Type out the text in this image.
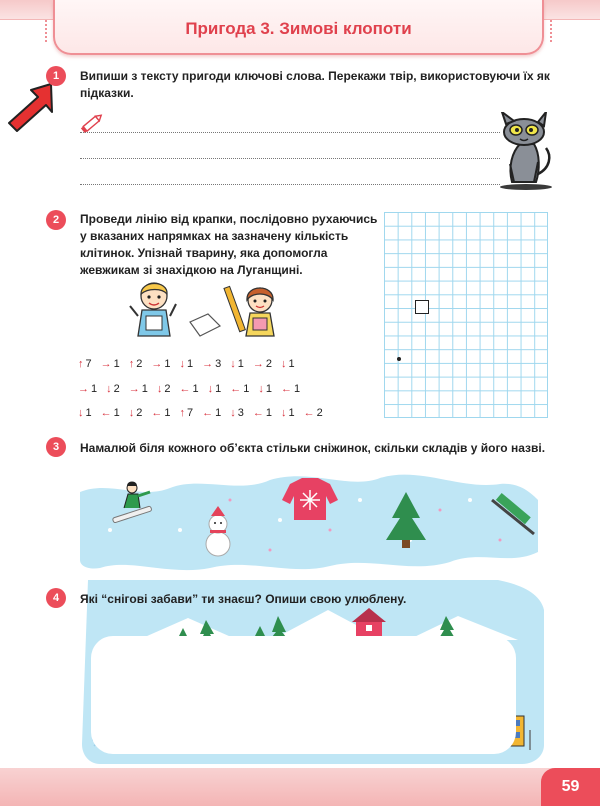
Пригода 3. Зимові клопоти
1	Випиши з тексту пригоди ключові слова. Перекажи твір, використовуючи їх як
підказки.
2	Проведи лінію від крапки, послідовно рухаючись
у вказаних напрямках на зазначену кількість
клітинок. Упізнай тварину, яка допомогла
жевжикам зі знахідкою на Луганщині.
↑ 7 → 1 ↑ 2 → 1 ↓ 1 → 3 ↓ 1 → 2 ↓ 1
→ 1 ↓ 2 → 1 ↓ 2 ← 1 ↓ 1 ← 1 ↓ 1 ← 1
↓ 1 ← 1 ↓ 2 ← 1 ↑ 7 ← 1 ↓ 3 ← 1 ↓ 1 ← 2
3	Намалюй біля кожного об’єкта стільки сніжинок, скільки складів у його назві.
4	Які “снігові забави” ти знаєш? Опиши свою улюблену.
59
